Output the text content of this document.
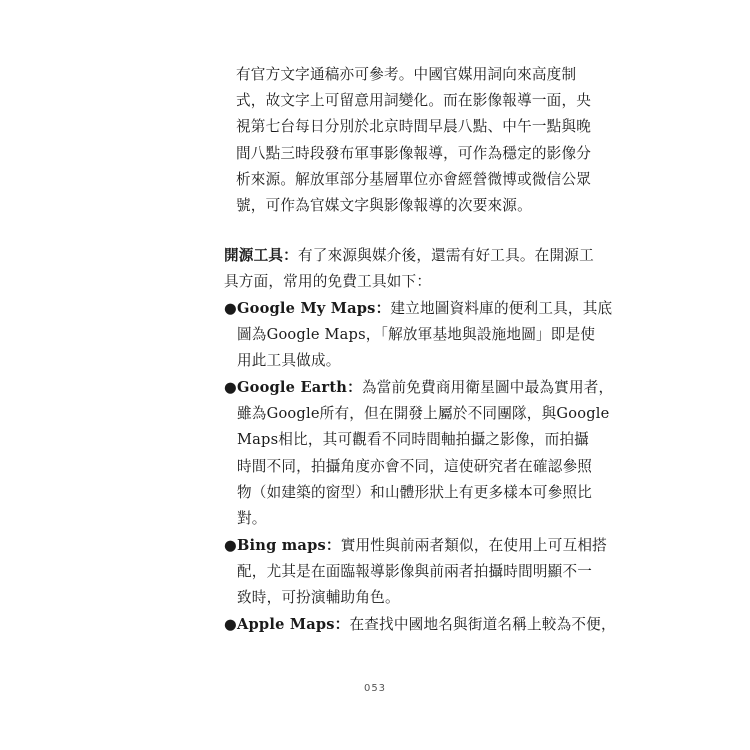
有官方文字通稿亦可參考。中國官媒用詞向來高度制
式，故文字上可留意用詞變化。而在影像報導一面，央
視第七台每日分別於北京時間早晨八點、中午一點與晚
間八點三時段發布軍事影像報導，可作為穩定的影像分
析來源。解放軍部分基層單位亦會經營微博或微信公眾
號，可作為官媒文字與影像報導的次要來源。
開源工具：有了來源與媒介後，還需有好工具。在開源工
具方面，常用的免費工具如下：
● Google My Maps：建立地圖資料庫的便利工具，其底
圖為Google Maps，「解放軍基地與設施地圖」即是使
用此工具做成。
● Google Earth：為當前免費商用衛星圖中最為實用者，
雖為Google所有，但在開發上屬於不同團隊，與Google
Maps相比，其可觀看不同時間軸拍攝之影像，而拍攝
時間不同，拍攝角度亦會不同，這使研究者在確認參照
物（如建築的窗型）和山體形狀上有更多樣本可參照比
對。
● Bing maps：實用性與前兩者類似，在使用上可互相搭
配，尤其是在面臨報導影像與前兩者拍攝時間明顯不一
致時，可扮演輔助角色。
● Apple Maps：在查找中國地名與街道名稱上較為不便，
053
